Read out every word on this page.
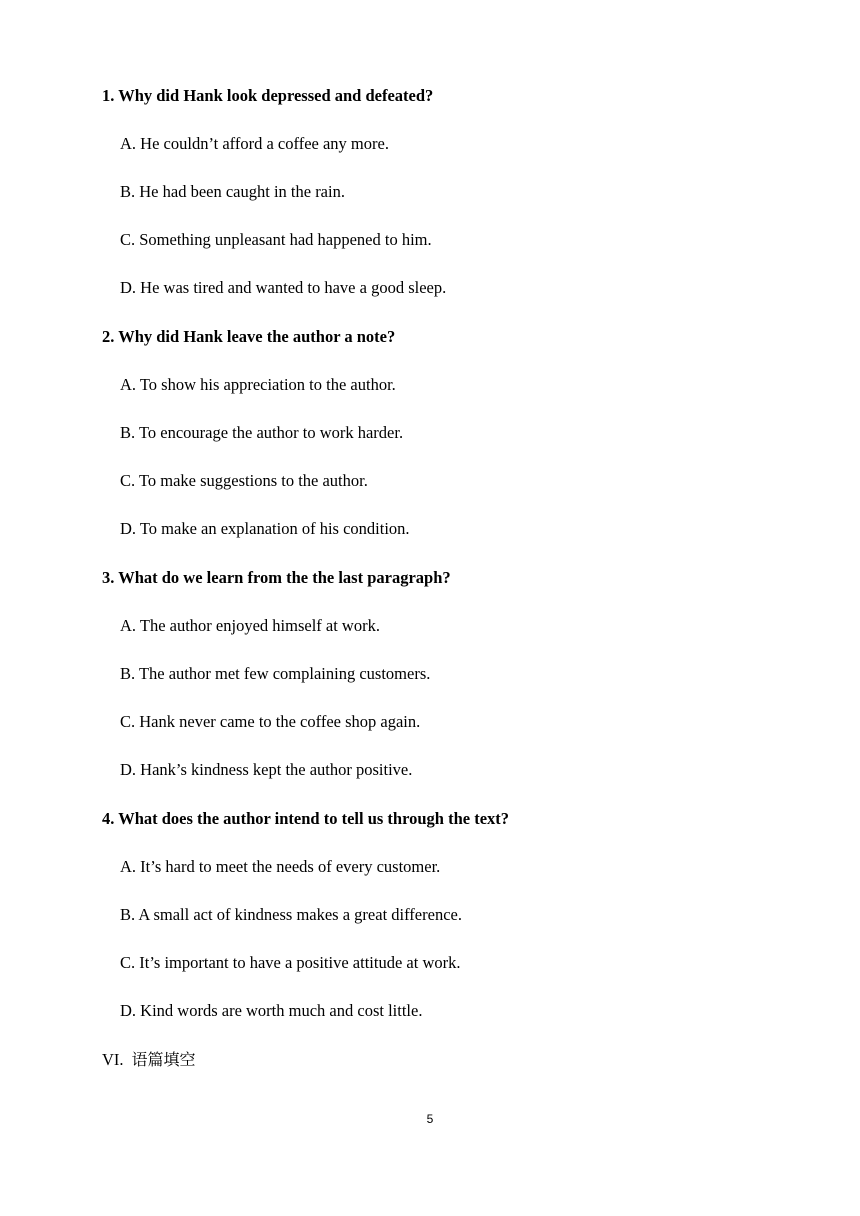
1. Why did Hank look depressed and defeated?
A. He couldn’t afford a coffee any more.
B. He had been caught in the rain.
C. Something unpleasant had happened to him.
D. He was tired and wanted to have a good sleep.
2. Why did Hank leave the author a note?
A. To show his appreciation to the author.
B. To encourage the author to work harder.
C. To make suggestions to the author.
D. To make an explanation of his condition.
3. What do we learn from the the last paragraph?
A. The author enjoyed himself at work.
B. The author met few complaining customers.
C. Hank never came to the coffee shop again.
D. Hank’s kindness kept the author positive.
4. What does the author intend to tell us through the text?
A. It’s hard to meet the needs of every customer.
B. A small act of kindness makes a great difference.
C. It’s important to have a positive attitude at work.
D. Kind words are worth much and cost little.
VI. 语篇填空
5
